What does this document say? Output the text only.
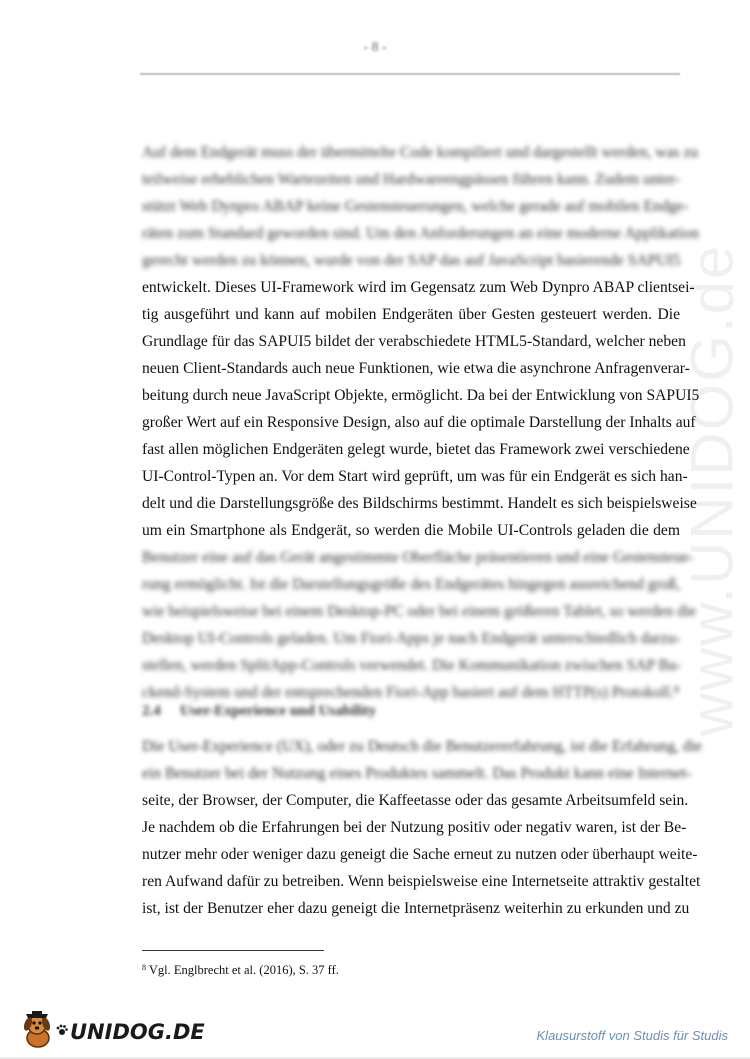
www.UNIDOG.de
- 8 -
Auf dem Endgerät muss der übermittelte Code kompiliert und dargestellt werden, was zu
teilweise erheblichen Wartezeiten und Hardwareengpässen führen kann. Zudem unter-
stützt Web Dynpro ABAP keine Gestensteuerungen, welche gerade auf mobilen Endge-
räten zum Standard geworden sind. Um den Anforderungen an eine moderne Applikation
gerecht werden zu können, wurde von der SAP das auf JavaScript basierende SAPUI5
entwickelt. Dieses UI-Framework wird im Gegensatz zum Web Dynpro ABAP clientsei-
tig ausgeführt und kann auf mobilen Endgeräten über Gesten gesteuert werden. Die
Grundlage für das SAPUI5 bildet der verabschiedete HTML5-Standard, welcher neben
neuen Client-Standards auch neue Funktionen, wie etwa die asynchrone Anfragenverar-
beitung durch neue JavaScript Objekte, ermöglicht. Da bei der Entwicklung von SAPUI5
großer Wert auf ein Responsive Design, also auf die optimale Darstellung der Inhalts auf
fast allen möglichen Endgeräten gelegt wurde, bietet das Framework zwei verschiedene
UI-Control-Typen an. Vor dem Start wird geprüft, um was für ein Endgerät es sich han-
delt und die Darstellungsgröße des Bildschirms bestimmt. Handelt es sich beispielsweise
um ein Smartphone als Endgerät, so werden die Mobile UI-Controls geladen die dem
Benutzer eine auf das Gerät angestimmte Oberfläche präsentieren und eine Gestensteue-
rung ermöglicht. Ist die Darstellungsgröße des Endgerätes hingegen ausreichend groß,
wie beispielsweise bei einem Desktop-PC oder bei einem größeren Tablet, so werden die
Desktop UI-Controls geladen. Um Fiori-Apps je nach Endgerät unterschiedlich darzu-
stellen, werden SplitApp-Controls verwendet. Die Kommunikation zwischen SAP Ba-
ckend-System und der entsprechenden Fiori-App basiert auf dem HTTP(s) Protokoll.⁸
2.4 User-Experience und Usability
Die User-Experience (UX), oder zu Deutsch die Benutzererfahrung, ist die Erfahrung, die
ein Benutzer bei der Nutzung eines Produktes sammelt. Das Produkt kann eine Internet-
seite, der Browser, der Computer, die Kaffeetasse oder das gesamte Arbeitsumfeld sein.
Je nachdem ob die Erfahrungen bei der Nutzung positiv oder negativ waren, ist der Be-
nutzer mehr oder weniger dazu geneigt die Sache erneut zu nutzen oder überhaupt weite-
ren Aufwand dafür zu betreiben. Wenn beispielsweise eine Internetseite attraktiv gestaltet
ist, ist der Benutzer eher dazu geneigt die Internetpräsenz weiterhin zu erkunden und zu
$^8$ Vgl. Englbrecht et al. (2016), S. 37 ff.
UNIDOG.DE	Klausurstoff von Studis für Studis
